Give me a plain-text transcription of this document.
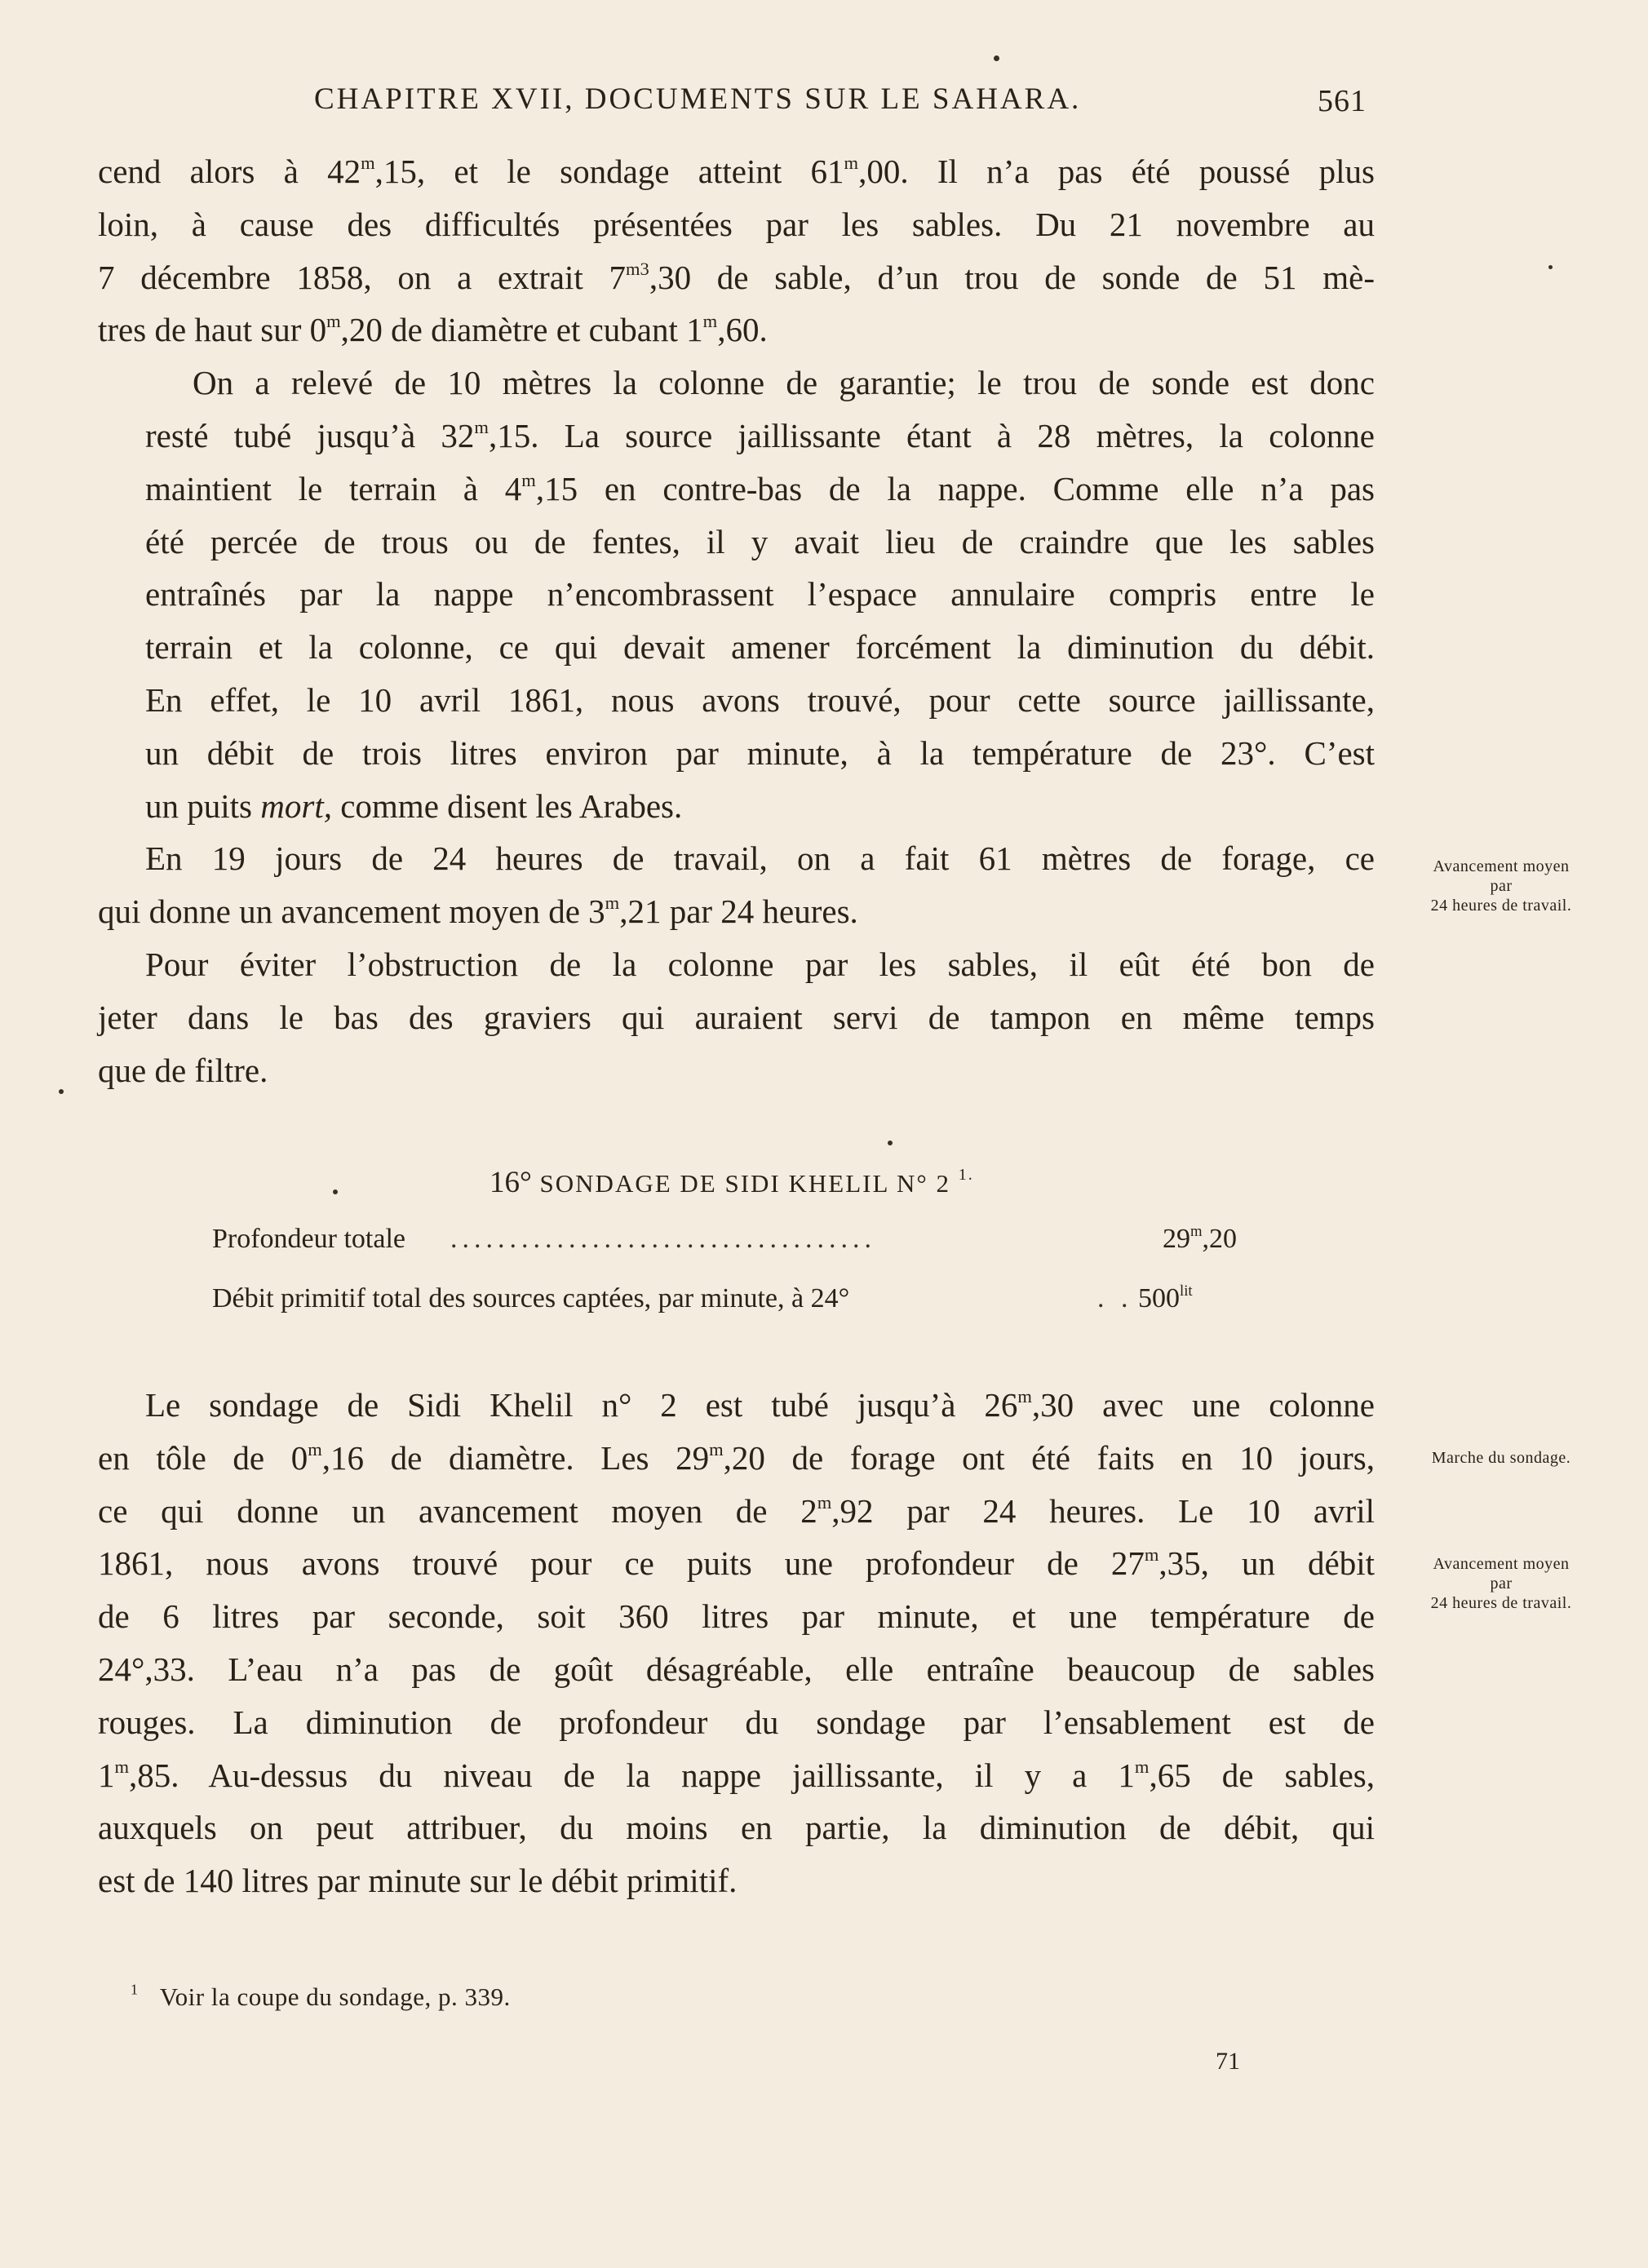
CHAPITRE XVII, DOCUMENTS SUR LE SAHARA.	561

cend alors à 42$^m$,15, et le sondage atteint 61$^m$,00. Il n’a pas été poussé plus
loin, à cause des difficultés présentées par les sables. Du 21 novembre au
7 décembre 1858, on a extrait $7^{m3},30$ de sable, d’un trou de sonde de 51 mè-
tres de haut sur 0$^m$,20 de diamètre et cubant 1$^m$,60.

On a relevé de 10 mètres la colonne de garantie; le trou de sonde est donc
resté tubé jusqu’à 32$^m$,15. La source jaillissante étant à 28 mètres, la colonne
maintient le terrain à 4$^m$,15 en contre-bas de la nappe. Comme elle n’a pas
été percée de trous ou de fentes, il y avait lieu de craindre que les sables
entraînés par la nappe n’encombrassent l’espace annulaire compris entre le
terrain et la colonne, ce qui devait amener forcément la diminution du débit.
En effet, le 10 avril 1861, nous avons trouvé, pour cette source jaillissante,
un débit de trois litres environ par minute, à la température de 23°. C’est
un puits mort, comme disent les Arabes.

En 19 jours de 24 heures de travail, on a fait 61 mètres de forage, ce
qui donne un avancement moyen de 3$^m$,21 par 24 heures.

Pour éviter l’obstruction de la colonne par les sables, il eût été bon de
jeter dans le bas des graviers qui auraient servi de tampon en même temps
que de filtre.

Avancement moyen
par
24 heures de travail.
16° SONDAGE DE SIDI KHELIL N° 2 $^{1.}$
Profondeur totale ....................................	29$^m$,20
Débit primitif total des sources captées, par minute, à 24°	. . $500^{lit}$

Le sondage de Sidi Khelil n° 2 est tubé jusqu’à 26$^m$,30 avec une colonne
en tôle de 0$^m$,16 de diamètre. Les 29$^m$,20 de forage ont été faits en 10 jours,
ce qui donne un avancement moyen de 2$^m$,92 par 24 heures. Le 10 avril
1861, nous avons trouvé pour ce puits une profondeur de 27$^m$,35, un débit
de 6 litres par seconde, soit 360 litres par minute, et une température de
24°,33. L’eau n’a pas de goût désagréable, elle entraîne beaucoup de sables
rouges. La diminution de profondeur du sondage par l’ensablement est de
1$^m$,85. Au-dessus du niveau de la nappe jaillissante, il y a 1$^m$,65 de sables,
auxquels on peut attribuer, du moins en partie, la diminution de débit, qui
est de 140 litres par minute sur le débit primitif.

Marche du sondage.
Avancement moyen
par
24 heures de travail.
$^1$ Voir la coupe du sondage, p. 339.
71
